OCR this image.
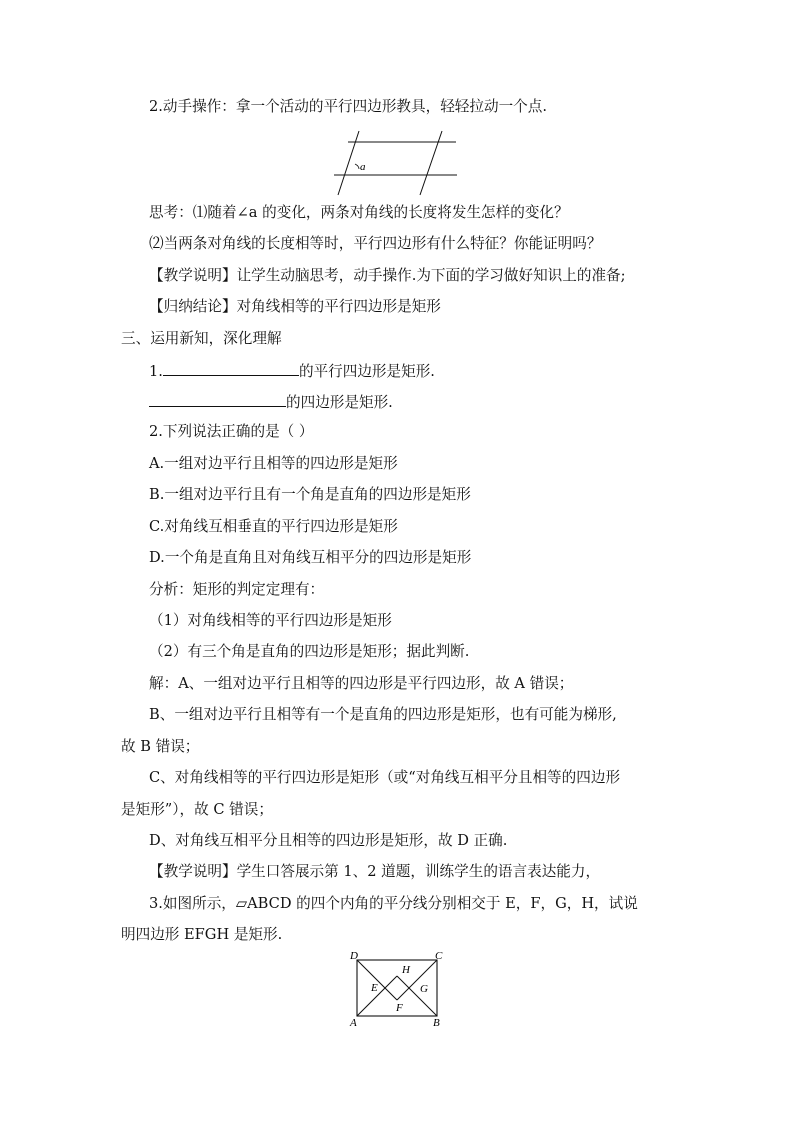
2.动手操作：拿一个活动的平行四边形教具，轻轻拉动一个点.
a
思考：⑴随着∠a 的变化，两条对角线的长度将发生怎样的变化？
⑵当两条对角线的长度相等时，平行四边形有什么特征？你能证明吗？
【教学说明】让学生动脑思考，动手操作.为下面的学习做好知识上的准备;
【归纳结论】对角线相等的平行四边形是矩形
三、运用新知，深化理解
1.	的平行四边形是矩形.
的四边形是矩形.
2.下列说法正确的是（ ）
A.一组对边平行且相等的四边形是矩形
B.一组对边平行且有一个角是直角的四边形是矩形
C.对角线互相垂直的平行四边形是矩形
D.一个角是直角且对角线互相平分的四边形是矩形
分析：矩形的判定定理有：
（1）对角线相等的平行四边形是矩形
（2）有三个角是直角的四边形是矩形；据此判断.
解：A、一组对边平行且相等的四边形是平行四边形，故 A 错误；
B、一组对边平行且相等有一个是直角的四边形是矩形，也有可能为梯形,
故 B 错误；
C、对角线相等的平行四边形是矩形（或“对角线互相平分且相等的四边形
是矩形”），故 C 错误；
D、对角线互相平分且相等的四边形是矩形，故 D 正确.
【教学说明】学生口答展示第 1、2 道题，训练学生的语言表达能力，
3.如图所示，▱ABCD 的四个内角的平分线分别相交于 E，F，G，H，试说
明四边形 EFGH 是矩形.
D	C
A	B
H
E	G
F
